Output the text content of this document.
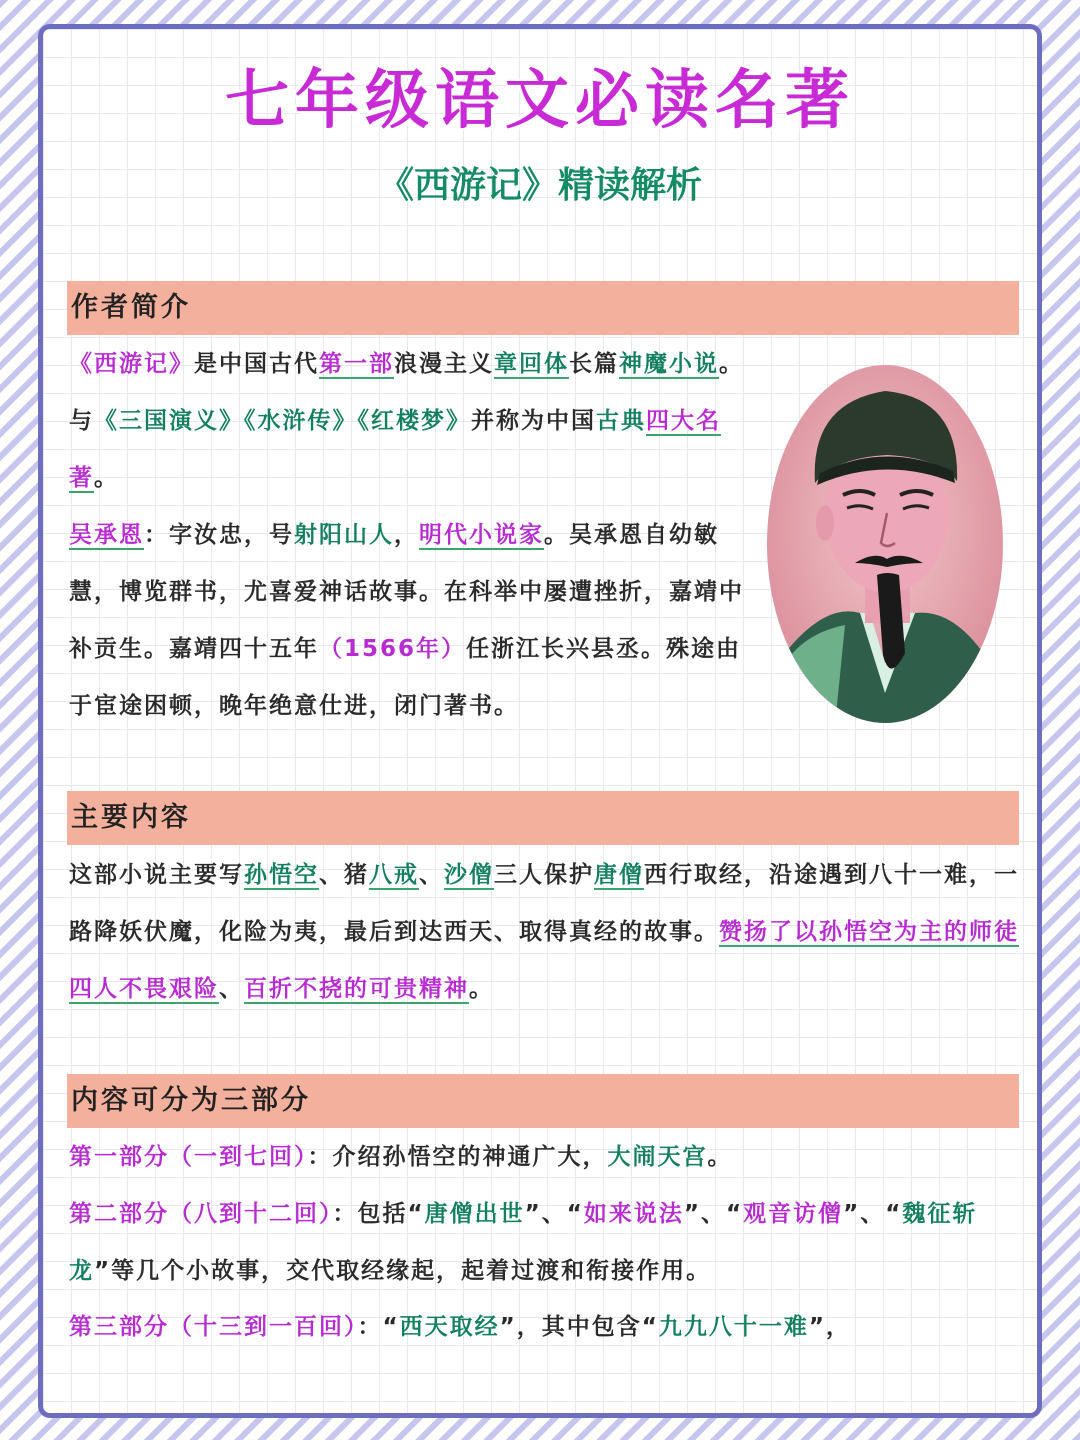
七年级语文必读名著
《西游记》精读解析
作者简介

《西游记》是中国古代第一部浪漫主义章回体长篇神魔小说。与《三国演义》《水浒传》《红楼梦》并称为中国古典四大名著。

吴承恩：字汝忠，号射阳山人，明代小说家。吴承恩自幼敏慧，博览群书，尤喜爱神话故事。在科举中屡遭挫折，嘉靖中补贡生。嘉靖四十五年（1566年）任浙江长兴县丞。殊途由于宦途困顿，晚年绝意仕进，闭门著书。

主要内容

这部小说主要写孙悟空、猪八戒、沙僧三人保护唐僧西行取经，沿途遇到八十一难，一路降妖伏魔，化险为夷，最后到达西天、取得真经的故事。赞扬了以孙悟空为主的师徒四人不畏艰险、百折不挠的可贵精神。

内容可分为三部分

第一部分（一到七回）：介绍孙悟空的神通广大，大闹天宫。

第二部分（八到十二回）：包括“唐僧出世”、“如来说法”、“观音访僧”、“魏征斩龙”等几个小故事，交代取经缘起，起着过渡和衔接作用。

第三部分（十三到一百回）：“西天取经”，其中包含“九九八十一难”，
